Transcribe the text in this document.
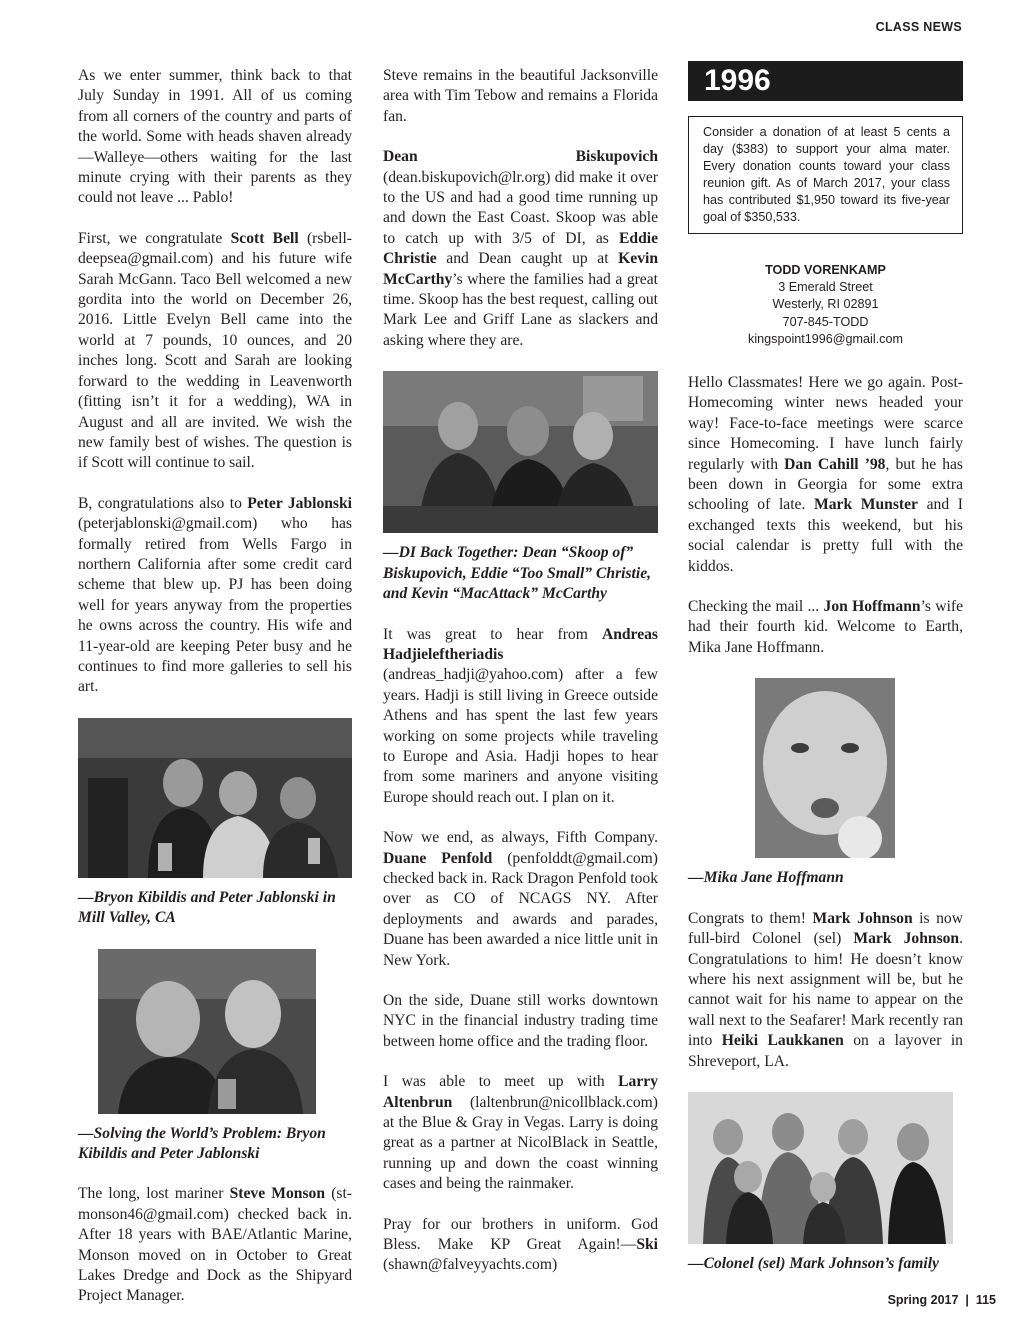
CLASS NEWS

As we enter summer, think back to that July Sunday in 1991. All of us coming from all corners of the country and parts of the world. Some with heads shaven already—Walleye—others waiting for the last minute crying with their parents as they could not leave ... Pablo!

First, we congratulate Scott Bell (rsbell-deepsea@gmail.com) and his future wife Sarah McGann. Taco Bell welcomed a new gordita into the world on December 26, 2016. Little Evelyn Bell came into the world at 7 pounds, 10 ounces, and 20 inches long. Scott and Sarah are looking forward to the wedding in Leavenworth (fitting isn’t it for a wedding), WA in August and all are invited. We wish the new family best of wishes. The question is if Scott will continue to sail.

B, congratulations also to Peter Jablonski (peterjablonski@gmail.com) who has formally retired from Wells Fargo in northern California after some credit card scheme that blew up. PJ has been doing well for years anyway from the properties he owns across the country. His wife and 11-year-old are keeping Peter busy and he continues to find more galleries to sell his art.

—Bryon Kibildis and Peter Jablonski in Mill Valley, CA

—Solving the World’s Problem: Bryon Kibildis and Peter Jablonski

The long, lost mariner Steve Monson (st-monson46@gmail.com) checked back in. After 18 years with BAE/Atlantic Marine, Monson moved on in October to Great Lakes Dredge and Dock as the Shipyard Project Manager.

Steve remains in the beautiful Jacksonville area with Tim Tebow and remains a Florida fan.

Dean Biskupovich (dean.biskupovich@lr.org) did make it over to the US and had a good time running up and down the East Coast. Skoop was able to catch up with 3/5 of DI, as Eddie Christie and Dean caught up at Kevin McCarthy’s where the families had a great time. Skoop has the best request, calling out Mark Lee and Griff Lane as slackers and asking where they are.

—DI Back Together: Dean “Skoop of” Biskupovich, Eddie “Too Small” Christie, and Kevin “MacAttack” McCarthy

It was great to hear from Andreas Hadjieleftheriadis (andreas_hadji@yahoo.com) after a few years. Hadji is still living in Greece outside Athens and has spent the last few years working on some projects while traveling to Europe and Asia. Hadji hopes to hear from some mariners and anyone visiting Europe should reach out. I plan on it.

Now we end, as always, Fifth Company. Duane Penfold (penfolddt@gmail.com) checked back in. Rack Dragon Penfold took over as CO of NCAGS NY. After deployments and awards and parades, Duane has been awarded a nice little unit in New York.

On the side, Duane still works downtown NYC in the financial industry trading time between home office and the trading floor.

I was able to meet up with Larry Altenbrun (laltenbrun@nicollblack.com) at the Blue & Gray in Vegas. Larry is doing great as a partner at NicolBlack in Seattle, running up and down the coast winning cases and being the rainmaker.

Pray for our brothers in uniform. God Bless. Make KP Great Again!—Ski (shawn@falveyyachts.com)

1996
Consider a donation of at least 5 cents a day ($383) to support your alma mater. Every donation counts toward your class reunion gift. As of March 2017, your class has contributed $1,950 toward its five-year goal of $350,533.
TODD VORENKAMP
3 Emerald Street
Westerly, RI 02891
707-845-TODD
kingspoint1996@gmail.com

Hello Classmates! Here we go again. Post-Homecoming winter news headed your way! Face-to-face meetings were scarce since Homecoming. I have lunch fairly regularly with Dan Cahill ’98, but he has been down in Georgia for some extra schooling of late. Mark Munster and I exchanged texts this weekend, but his social calendar is pretty full with the kiddos.

Checking the mail ... Jon Hoffmann’s wife had their fourth kid. Welcome to Earth, Mika Jane Hoffmann.

—Mika Jane Hoffmann

Congrats to them! Mark Johnson is now full-bird Colonel (sel) Mark Johnson. Congratulations to him! He doesn’t know where his next assignment will be, but he cannot wait for his name to appear on the wall next to the Seafarer! Mark recently ran into Heiki Laukkanen on a layover in Shreveport, LA.

—Colonel (sel) Mark Johnson’s family

Spring 2017  |  115
